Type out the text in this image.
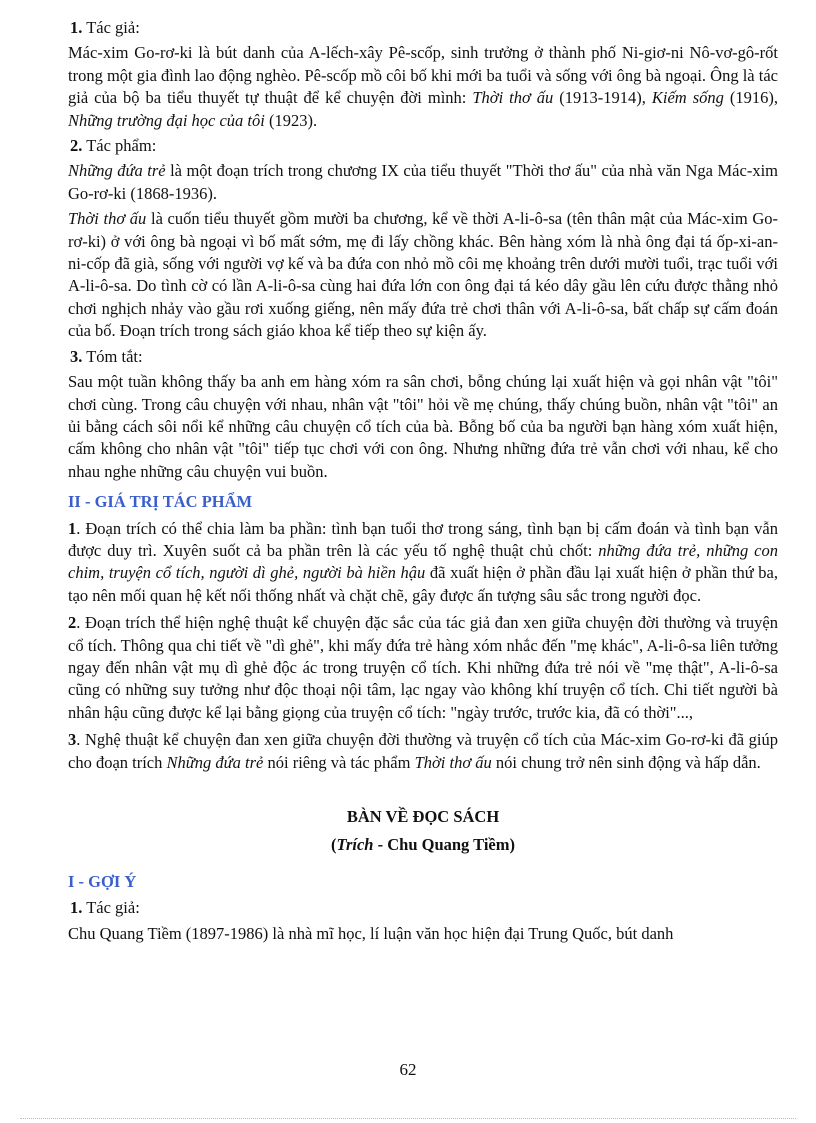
1. Tác giả:

Mác-xim Go-rơ-ki là bút danh của A-lếch-xây Pê-scốp, sinh trưởng ở thành phố Ni-giơ-ni Nô-vơ-gô-rốt trong một gia đình lao động nghèo. Pê-scốp mồ côi bố khi mới ba tuổi và sống với ông bà ngoại. Ông là tác giả của bộ ba tiểu thuyết tự thuật để kể chuyện đời mình: Thời thơ ấu (1913-1914), Kiếm sống (1916), Những trường đại học của tôi (1923).

2. Tác phẩm:

Những đứa trẻ là một đoạn trích trong chương IX của tiểu thuyết "Thời thơ ấu" của nhà văn Nga Mác-xim Go-rơ-ki (1868-1936).

Thời thơ ấu là cuốn tiểu thuyết gồm mười ba chương, kể về thời A-li-ô-sa (tên thân mật của Mác-xim Go-rơ-ki) ở với ông bà ngoại vì bố mất sớm, mẹ đi lấy chồng khác. Bên hàng xóm là nhà ông đại tá ốp-xi-an-ni-cốp đã già, sống với người vợ kế và ba đứa con nhỏ mồ côi mẹ khoảng trên dưới mười tuổi, trạc tuổi với A-li-ô-sa. Do tình cờ có lần A-li-ô-sa cùng hai đứa lớn con ông đại tá kéo dây gầu lên cứu được thằng nhỏ chơi nghịch nhảy vào gầu rơi xuống giếng, nên mấy đứa trẻ chơi thân với A-li-ô-sa, bất chấp sự cấm đoán của bố. Đoạn trích trong sách giáo khoa kể tiếp theo sự kiện ấy.

3. Tóm tắt:

Sau một tuần không thấy ba anh em hàng xóm ra sân chơi, bỗng chúng lại xuất hiện và gọi nhân vật "tôi" chơi cùng. Trong câu chuyện với nhau, nhân vật "tôi" hỏi về mẹ chúng, thấy chúng buồn, nhân vật "tôi" an ủi bằng cách sôi nổi kể những câu chuyện cổ tích của bà. Bỗng bố của ba người bạn hàng xóm xuất hiện, cấm không cho nhân vật "tôi" tiếp tục chơi với con ông. Nhưng những đứa trẻ vẫn chơi với nhau, kể cho nhau nghe những câu chuyện vui buồn.

II - GIÁ TRỊ TÁC PHẨM

1. Đoạn trích có thể chia làm ba phần: tình bạn tuổi thơ trong sáng, tình bạn bị cấm đoán và tình bạn vẫn được duy trì. Xuyên suốt cả ba phần trên là các yếu tố nghệ thuật chủ chốt: những đứa trẻ, những con chim, truyện cổ tích, người dì ghẻ, người bà hiền hậu đã xuất hiện ở phần đầu lại xuất hiện ở phần thứ ba, tạo nên mối quan hệ kết nối thống nhất và chặt chẽ, gây được ấn tượng sâu sắc trong người đọc.

2. Đoạn trích thể hiện nghệ thuật kể chuyện đặc sắc của tác giả đan xen giữa chuyện đời thường và truyện cổ tích. Thông qua chi tiết về "dì ghẻ", khi mấy đứa trẻ hàng xóm nhắc đến "mẹ khác", A-li-ô-sa liên tưởng ngay đến nhân vật mụ dì ghẻ độc ác trong truyện cổ tích. Khi những đứa trẻ nói về "mẹ thật", A-li-ô-sa cũng có những suy tưởng như độc thoại nội tâm, lạc ngay vào không khí truyện cổ tích. Chi tiết người bà nhân hậu cũng được kể lại bằng giọng của truyện cổ tích: "ngày trước, trước kia, đã có thời"...,

3. Nghệ thuật kể chuyện đan xen giữa chuyện đời thường và truyện cổ tích của Mác-xim Go-rơ-ki đã giúp cho đoạn trích Những đứa trẻ nói riêng và tác phẩm Thời thơ ấu nói chung trở nên sinh động và hấp dẫn.

BÀN VỀ ĐỌC SÁCH

(Trích - Chu Quang Tiềm)

I - GỢI Ý

1. Tác giả:

Chu Quang Tiềm (1897-1986) là nhà mĩ học, lí luận văn học hiện đại Trung Quốc, bút danh

62
